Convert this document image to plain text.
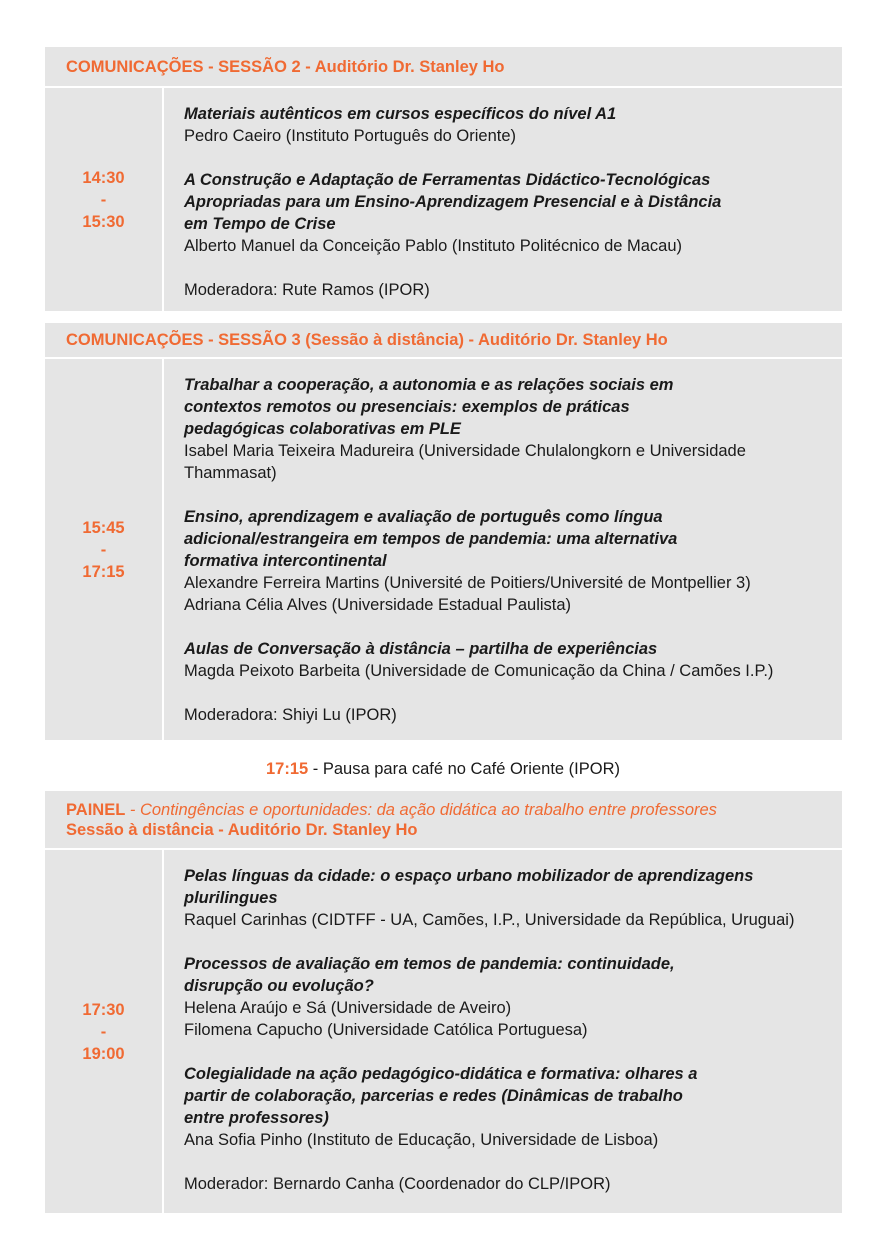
COMUNICAÇÕES - SESSÃO 2 - Auditório Dr. Stanley Ho
14:30
-
15:30
Materiais autênticos em cursos específicos do nível A1
Pedro Caeiro (Instituto Português do Oriente)
A Construção e Adaptação de Ferramentas Didáctico-Tecnológicas
Apropriadas para um Ensino-Aprendizagem Presencial e à Distância
em Tempo de Crise
Alberto Manuel da Conceição Pablo (Instituto Politécnico de Macau)
Moderadora: Rute Ramos (IPOR)
COMUNICAÇÕES - SESSÃO 3 (Sessão à distância) - Auditório Dr. Stanley Ho
15:45
-
17:15
Trabalhar a cooperação, a autonomia e as relações sociais em
contextos remotos ou presenciais: exemplos de práticas
pedagógicas colaborativas em PLE
Isabel Maria Teixeira Madureira (Universidade Chulalongkorn e Universidade
Thammasat)
Ensino, aprendizagem e avaliação de português como língua
adicional/estrangeira em tempos de pandemia: uma alternativa
formativa intercontinental
Alexandre Ferreira Martins (Université de Poitiers/Université de Montpellier 3)
Adriana Célia Alves (Universidade Estadual Paulista)
Aulas de Conversação à distância – partilha de experiências
Magda Peixoto Barbeita (Universidade de Comunicação da China / Camões I.P.)
Moderadora: Shiyi Lu (IPOR)
17:15 - Pausa para café no Café Oriente (IPOR)
PAINEL - Contingências e oportunidades: da ação didática ao trabalho entre professores
Sessão à distância - Auditório Dr. Stanley Ho
17:30
-
19:00
Pelas línguas da cidade: o espaço urbano mobilizador de aprendizagens
plurilingues
Raquel Carinhas (CIDTFF - UA, Camões, I.P., Universidade da República, Uruguai)
Processos de avaliação em temos de pandemia: continuidade,
disrupção ou evolução?
Helena Araújo e Sá (Universidade de Aveiro)
Filomena Capucho (Universidade Católica Portuguesa)
Colegialidade na ação pedagógico-didática e formativa: olhares a
partir de colaboração, parcerias e redes (Dinâmicas de trabalho
entre professores)
Ana Sofia Pinho (Instituto de Educação, Universidade de Lisboa)
Moderador: Bernardo Canha (Coordenador do CLP/IPOR)
